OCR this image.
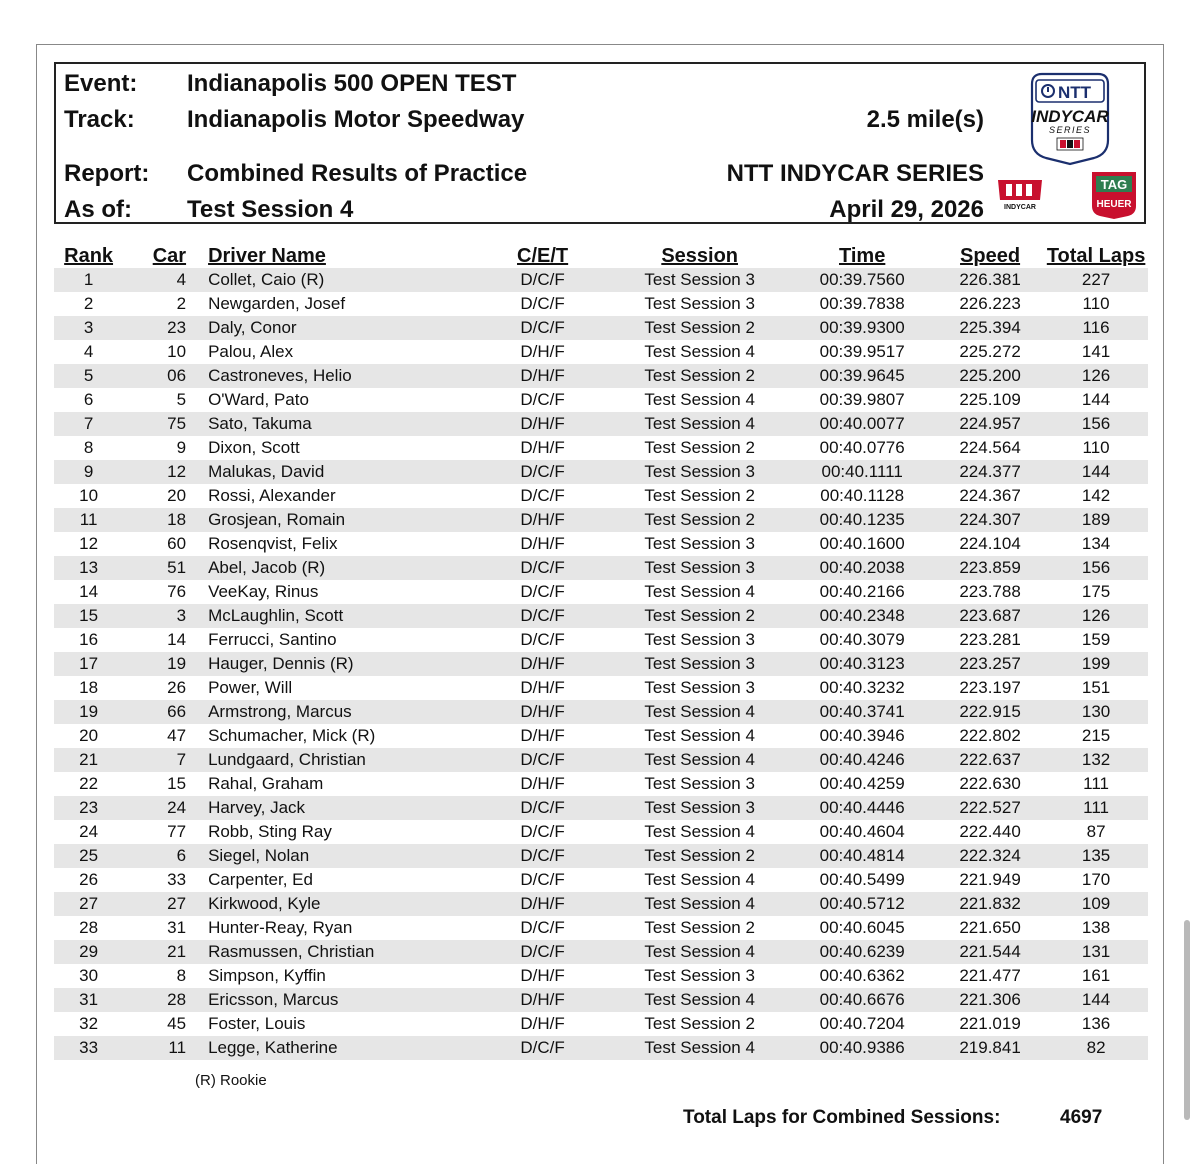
Event: Indianapolis 500 OPEN TEST
Track: Indianapolis Motor Speedway	2.5 mile(s)
Report: Combined Results of Practice	NTT INDYCAR SERIES
As of: Test Session 4	April 29, 2026
NTT
INDYCAR
SERIES
INDYCAR
TAG
HEUER
Rank	Car	Driver Name	C/E/T	Session	Time	Speed	Total Laps
1	4	Collet, Caio (R)	D/C/F	Test Session 3	00:39.7560	226.381	227
2	2	Newgarden, Josef	D/C/F	Test Session 3	00:39.7838	226.223	110
3	23	Daly, Conor	D/C/F	Test Session 2	00:39.9300	225.394	116
4	10	Palou, Alex	D/H/F	Test Session 4	00:39.9517	225.272	141
5	06	Castroneves, Helio	D/H/F	Test Session 2	00:39.9645	225.200	126
6	5	O'Ward, Pato	D/C/F	Test Session 4	00:39.9807	225.109	144
7	75	Sato, Takuma	D/H/F	Test Session 4	00:40.0077	224.957	156
8	9	Dixon, Scott	D/H/F	Test Session 2	00:40.0776	224.564	110
9	12	Malukas, David	D/C/F	Test Session 3	00:40.1111	224.377	144
10	20	Rossi, Alexander	D/C/F	Test Session 2	00:40.1128	224.367	142
11	18	Grosjean, Romain	D/H/F	Test Session 2	00:40.1235	224.307	189
12	60	Rosenqvist, Felix	D/H/F	Test Session 3	00:40.1600	224.104	134
13	51	Abel, Jacob (R)	D/C/F	Test Session 3	00:40.2038	223.859	156
14	76	VeeKay, Rinus	D/C/F	Test Session 4	00:40.2166	223.788	175
15	3	McLaughlin, Scott	D/C/F	Test Session 2	00:40.2348	223.687	126
16	14	Ferrucci, Santino	D/C/F	Test Session 3	00:40.3079	223.281	159
17	19	Hauger, Dennis (R)	D/H/F	Test Session 3	00:40.3123	223.257	199
18	26	Power, Will	D/H/F	Test Session 3	00:40.3232	223.197	151
19	66	Armstrong, Marcus	D/H/F	Test Session 4	00:40.3741	222.915	130
20	47	Schumacher, Mick (R)	D/H/F	Test Session 4	00:40.3946	222.802	215
21	7	Lundgaard, Christian	D/C/F	Test Session 4	00:40.4246	222.637	132
22	15	Rahal, Graham	D/H/F	Test Session 3	00:40.4259	222.630	111
23	24	Harvey, Jack	D/C/F	Test Session 3	00:40.4446	222.527	111
24	77	Robb, Sting Ray	D/C/F	Test Session 4	00:40.4604	222.440	87
25	6	Siegel, Nolan	D/C/F	Test Session 2	00:40.4814	222.324	135
26	33	Carpenter, Ed	D/C/F	Test Session 4	00:40.5499	221.949	170
27	27	Kirkwood, Kyle	D/H/F	Test Session 4	00:40.5712	221.832	109
28	31	Hunter-Reay, Ryan	D/C/F	Test Session 2	00:40.6045	221.650	138
29	21	Rasmussen, Christian	D/C/F	Test Session 4	00:40.6239	221.544	131
30	8	Simpson, Kyffin	D/H/F	Test Session 3	00:40.6362	221.477	161
31	28	Ericsson, Marcus	D/H/F	Test Session 4	00:40.6676	221.306	144
32	45	Foster, Louis	D/H/F	Test Session 2	00:40.7204	221.019	136
33	11	Legge, Katherine	D/C/F	Test Session 4	00:40.9386	219.841	82
(R) Rookie
Total Laps for Combined Sessions:	4697
